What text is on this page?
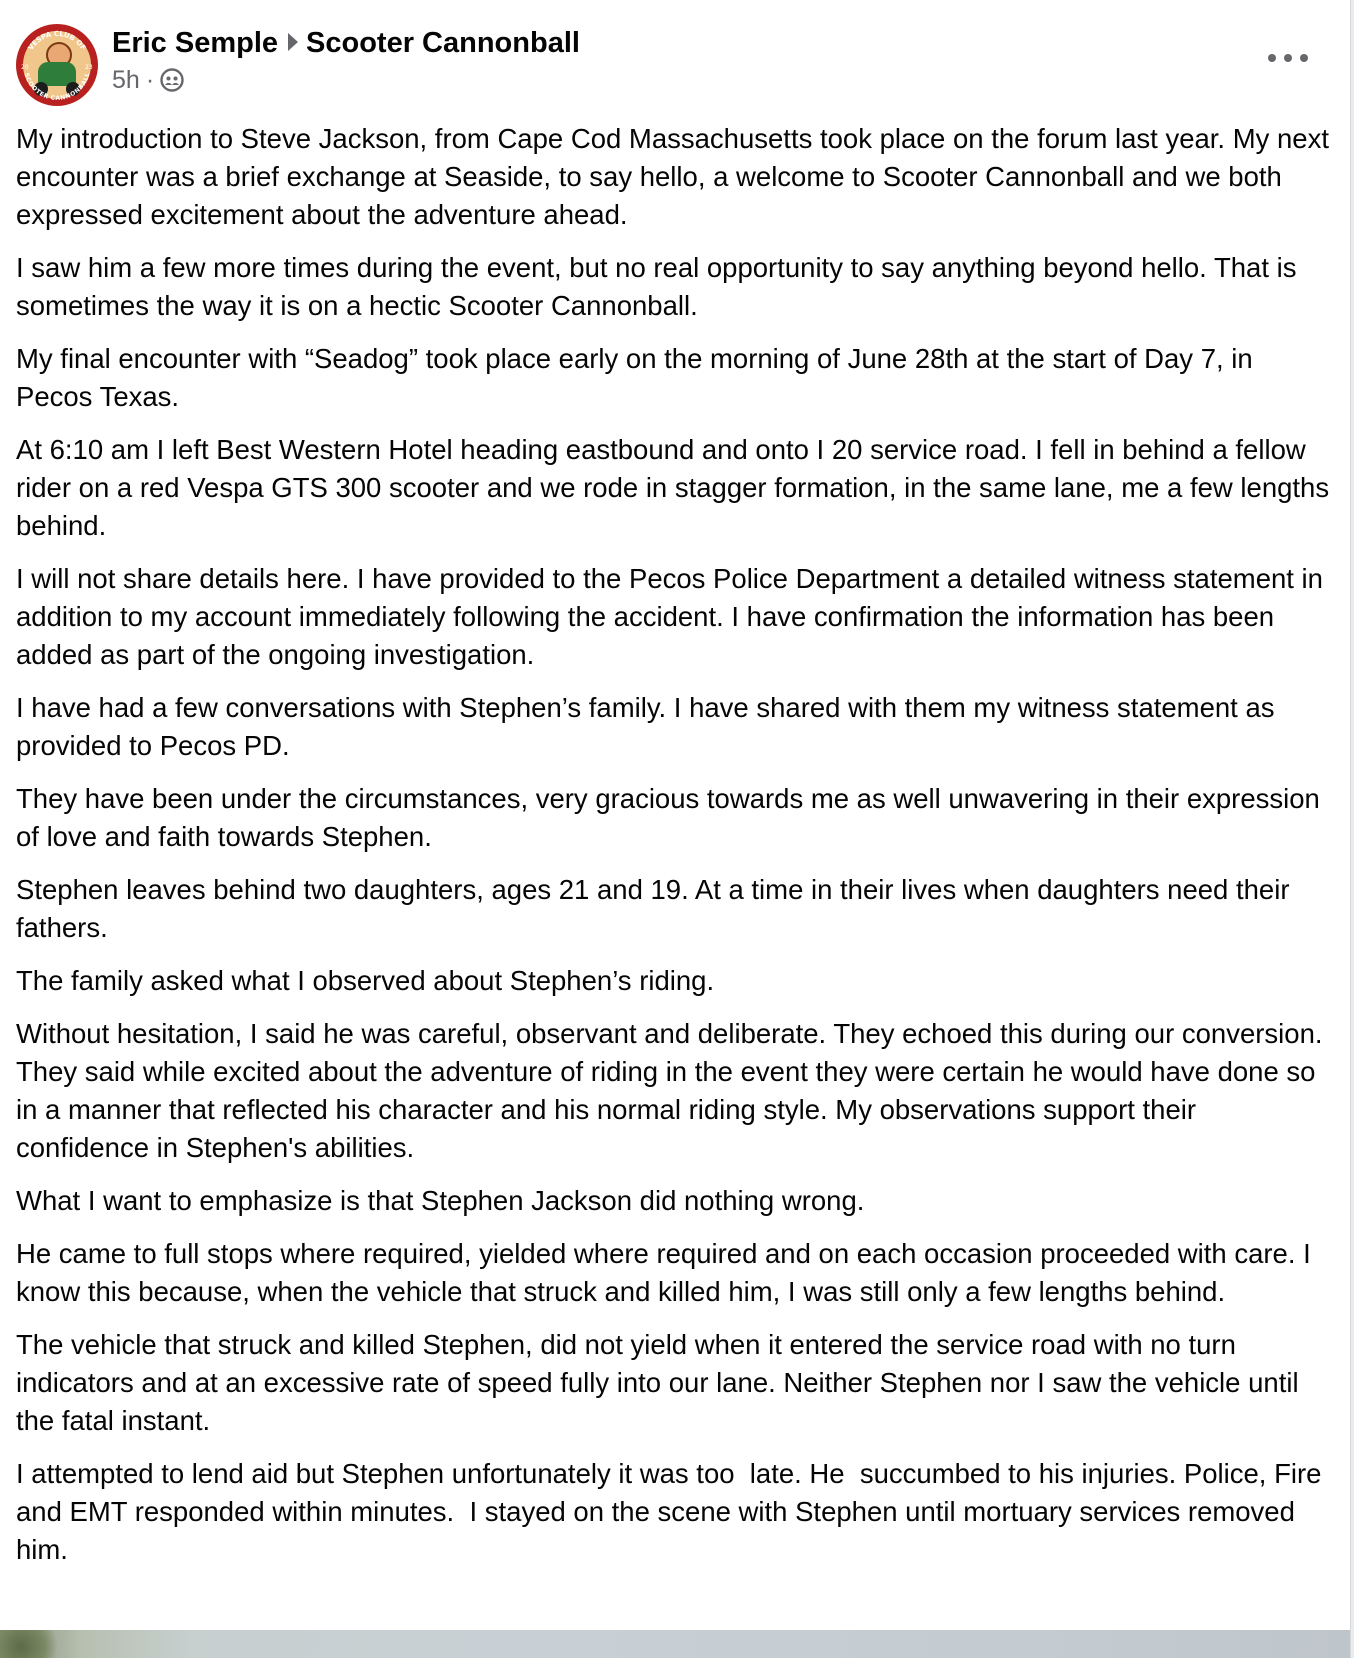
VESPA CLUB OF
SCOOTER CANNONBALL
20	23
Eric Semple Scooter Cannonball
5h ·

My introduction to Steve Jackson, from Cape Cod Massachusetts took place on the forum last year. My next encounter was a brief exchange at Seaside, to say hello, a welcome to Scooter Cannonball and we both expressed excitement about the adventure ahead.

I saw him a few more times during the event, but no real opportunity to say anything beyond hello. That is sometimes the way it is on a hectic Scooter Cannonball.

My final encounter with “Seadog” took place early on the morning of June 28th at the start of Day 7, in Pecos Texas.

At 6:10 am I left Best Western Hotel heading eastbound and onto I 20 service road. I fell in behind a fellow rider on a red Vespa GTS 300 scooter and we rode in stagger formation, in the same lane, me a few lengths behind.

I will not share details here. I have provided to the Pecos Police Department a detailed witness statement in addition to my account immediately following the accident. I have confirmation the information has been added as part of the ongoing investigation.

I have had a few conversations with Stephen’s family. I have shared with them my witness statement as provided to Pecos PD.

They have been under the circumstances, very gracious towards me as well unwavering in their expression of love and faith towards Stephen.

Stephen leaves behind two daughters, ages 21 and 19. At a time in their lives when daughters need their fathers.

The family asked what I observed about Stephen’s riding.

Without hesitation, I said he was careful, observant and deliberate. They echoed this during our conversion. They said while excited about the adventure of riding in the event they were certain he would have done so in a manner that reflected his character and his normal riding style. My observations support their confidence in Stephen's abilities.

What I want to emphasize is that Stephen Jackson did nothing wrong.

He came to full stops where required, yielded where required and on each occasion proceeded with care. I know this because, when the vehicle that struck and killed him, I was still only a few lengths behind.

The vehicle that struck and killed Stephen, did not yield when it entered the service road with no turn indicators and at an excessive rate of speed fully into our lane. Neither Stephen nor I saw the vehicle until the fatal instant.

I attempted to lend aid but Stephen unfortunately it was too  late. He  succumbed to his injuries. Police, Fire and EMT responded within minutes.  I stayed on the scene with Stephen until mortuary services removed him.
